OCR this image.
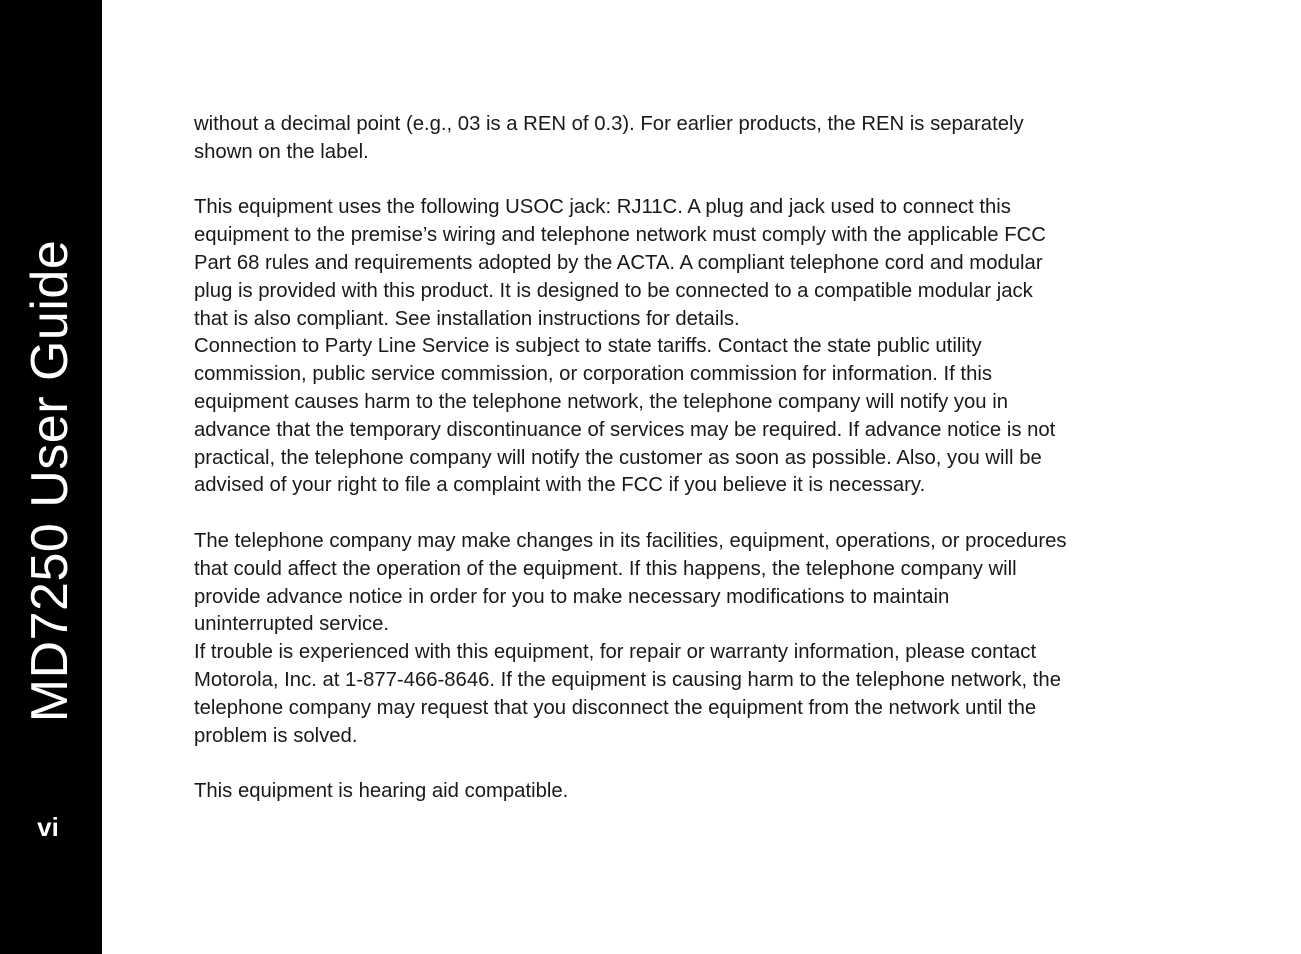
MD7250 User Guide
vi

without a decimal point (e.g., 03 is a REN of 0.3). For earlier products, the REN is separately
shown on the label.

This equipment uses the following USOC jack: RJ11C. A plug and jack used to connect this
equipment to the premise’s wiring and telephone network must comply with the applicable FCC
Part 68 rules and requirements adopted by the ACTA. A compliant telephone cord and modular
plug is provided with this product. It is designed to be connected to a compatible modular jack
that is also compliant. See installation instructions for details.

Connection to Party Line Service is subject to state tariffs. Contact the state public utility
commission, public service commission, or corporation commission for information. If this
equipment causes harm to the telephone network, the telephone company will notify you in
advance that the temporary discontinuance of services may be required. If advance notice is not
practical, the telephone company will notify the customer as soon as possible. Also, you will be
advised of your right to file a complaint with the FCC if you believe it is necessary.

The telephone company may make changes in its facilities, equipment, operations, or procedures
that could affect the operation of the equipment. If this happens, the telephone company will
provide advance notice in order for you to make necessary modifications to maintain
uninterrupted service.

If trouble is experienced with this equipment, for repair or warranty information, please contact
Motorola, Inc. at 1-877-466-8646. If the equipment is causing harm to the telephone network, the
telephone company may request that you disconnect the equipment from the network until the
problem is solved.

This equipment is hearing aid compatible.
